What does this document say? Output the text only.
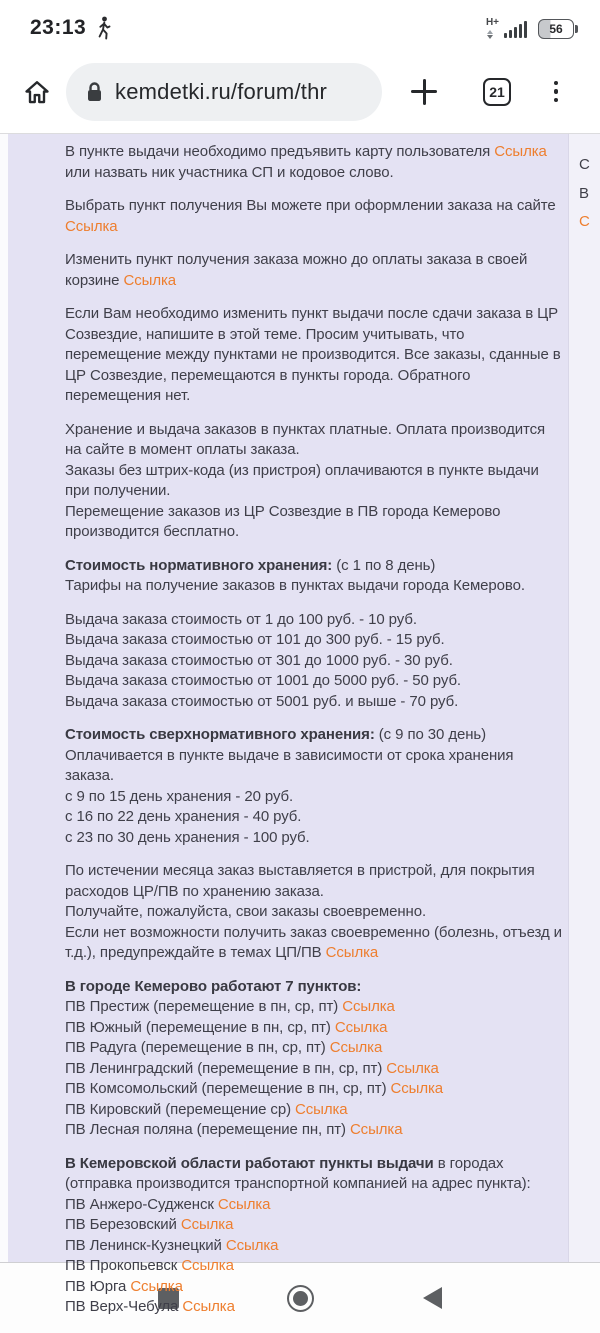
23:13	H+	56
kemdetki.ru/forum/thr	21
В пункте выдачи необходимо предъявить карту пользователя Ссылка или назвать ник участника СП и кодовое слово.
Выбрать пункт получения Вы можете при оформлении заказа на сайте Ссылка
Изменить пункт получения заказа можно до оплаты заказа в своей корзине Ссылка
Если Вам необходимо изменить пункт выдачи после сдачи заказа в ЦР Созвездие, напишите в этой теме. Просим учитывать, что перемещение между пунктами не производится. Все заказы, сданные в ЦР Созвездие, перемещаются в пункты города. Обратного перемещения нет.
Хранение и выдача заказов в пунктах платные. Оплата производится на сайте в момент оплаты заказа.
Заказы без штрих-кода (из пристроя) оплачиваются в пункте выдачи при получении.
Перемещение заказов из ЦР Созвездие в ПВ города Кемерово производится бесплатно.
Стоимость нормативного хранения: (с 1 по 8 день)
Тарифы на получение заказов в пунктах выдачи города Кемерово.
Выдача заказа стоимость от 1 до 100 руб. - 10 руб.
Выдача заказа стоимостью от 101 до 300 руб. - 15 руб.
Выдача заказа стоимостью от 301 до 1000 руб. - 30 руб.
Выдача заказа стоимостью от 1001 до 5000 руб. - 50 руб.
Выдача заказа стоимостью от 5001 руб. и выше - 70 руб.
Стоимость сверхнормативного хранения: (с 9 по 30 день)
Оплачивается в пункте выдаче в зависимости от срока хранения заказа.
с 9 по 15 день хранения - 20 руб.
с 16 по 22 день хранения - 40 руб.
с 23 по 30 день хранения - 100 руб.
По истечении месяца заказ выставляется в пристрой, для покрытия расходов ЦР/ПВ по хранению заказа.
Получайте, пожалуйста, свои заказы своевременно.
Если нет возможности получить заказ своевременно (болезнь, отъезд и т.д.), предупреждайте в темах ЦП/ПВ Ссылка
В городе Кемерово работают 7 пунктов:
ПВ Престиж (перемещение в пн, ср, пт) Ссылка
ПВ Южный (перемещение в пн, ср, пт) Ссылка
ПВ Радуга (перемещение в пн, ср, пт) Ссылка
ПВ Ленинградский (перемещение в пн, ср, пт) Ссылка
ПВ Комсомольский (перемещение в пн, ср, пт) Ссылка
ПВ Кировский (перемещение ср) Ссылка
ПВ Лесная поляна (перемещение пн, пт) Ссылка
В Кемеровской области работают пункты выдачи в городах (отправка производится транспортной компанией на адрес пункта):
ПВ Анжеро-Судженск Ссылка
ПВ Березовский Ссылка
ПВ Ленинск-Кузнецкий Ссылка
ПВ Прокопьевск Ссылка
ПВ Юрга Ссылка
ПВ Верх-Чебула Ссылка
С
В
С
